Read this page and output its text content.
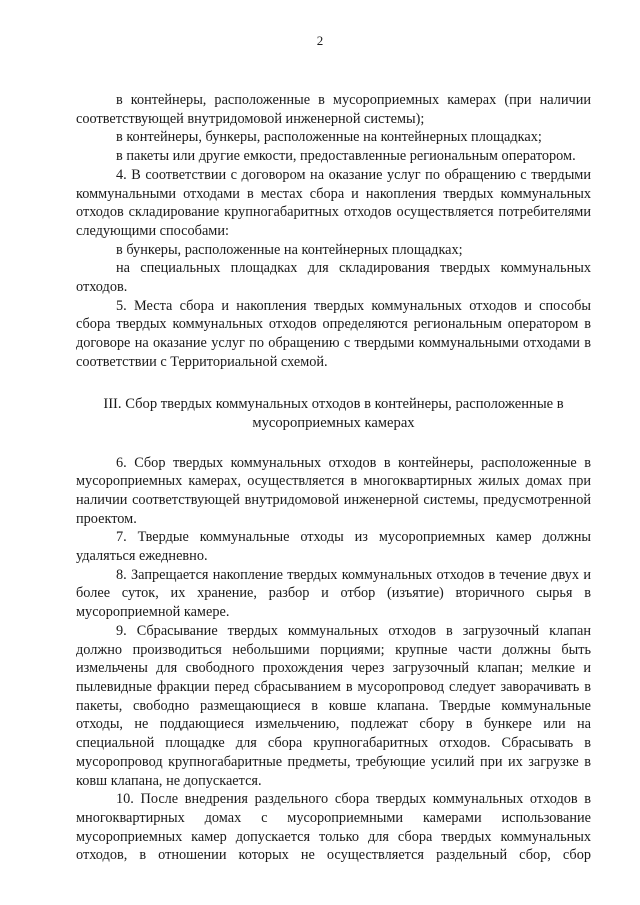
2

в контейнеры, расположенные в мусороприемных камерах (при наличии соответствующей внутридомовой инженерной системы);

в контейнеры, бункеры, расположенные на контейнерных площадках;

в пакеты или другие емкости, предоставленные региональным оператором.

4. В соответствии с договором на оказание услуг по обращению с твердыми коммунальными отходами в местах сбора и накопления твердых коммунальных отходов складирование крупногабаритных отходов осуществляется потребителями следующими способами:

в бункеры, расположенные на контейнерных площадках;

на специальных площадках для складирования твердых коммунальных отходов.

5. Места сбора и накопления твердых коммунальных отходов и способы сбора твердых коммунальных отходов определяются региональным оператором в договоре на оказание услуг по обращению с твердыми коммунальными отходами в соответствии с Территориальной схемой.

III. Сбор твердых коммунальных отходов в контейнеры, расположенные в мусороприемных камерах

6. Сбор твердых коммунальных отходов в контейнеры, расположенные в мусороприемных камерах, осуществляется в многоквартирных жилых домах при наличии соответствующей внутридомовой инженерной системы, предусмотренной проектом.

7. Твердые коммунальные отходы из мусороприемных камер должны удаляться ежедневно.

8. Запрещается накопление твердых коммунальных отходов в течение двух и более суток, их хранение, разбор и отбор (изъятие) вторичного сырья в мусороприемной камере.

9. Сбрасывание твердых коммунальных отходов в загрузочный клапан должно производиться небольшими порциями; крупные части должны быть измельчены для свободного прохождения через загрузочный клапан; мелкие и пылевидные фракции перед сбрасыванием в мусоропровод следует заворачивать в пакеты, свободно размещающиеся в ковше клапана. Твердые коммунальные отходы, не поддающиеся измельчению, подлежат сбору в бункере или на специальной площадке для сбора крупногабаритных отходов. Сбрасывать в мусоропровод крупногабаритные предметы, требующие усилий при их загрузке в ковш клапана, не допускается.

10. После внедрения раздельного сбора твердых коммунальных отходов в многоквартирных домах с мусороприемными камерами использование мусороприемных камер допускается только для сбора твердых коммунальных отходов, в отношении которых не осуществляется раздельный сбор, сбор
